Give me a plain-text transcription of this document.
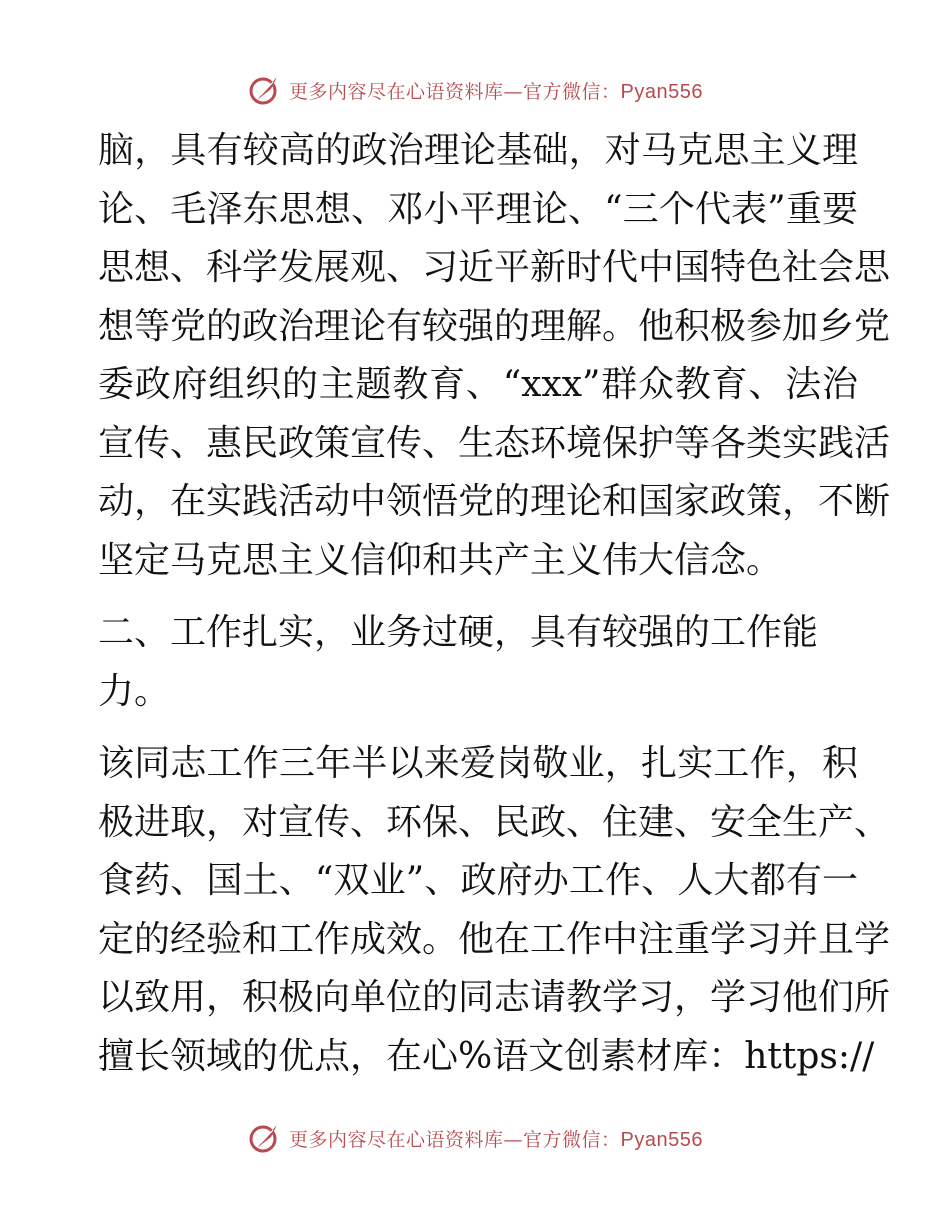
更多内容尽在心语资料库—官方微信：Pyan556
脑，具有较高的政治理论基础，对马克思主义理
论、毛泽东思想、邓小平理论、“三个代表”重要
思想、科学发展观、习近平新时代中国特色社会思
想等党的政治理论有较强的理解。他积极参加乡党
委政府组织的主题教育、“xxx”群众教育、法治
宣传、惠民政策宣传、生态环境保护等各类实践活
动，在实践活动中领悟党的理论和国家政策，不断
坚定马克思主义信仰和共产主义伟大信念。
二、工作扎实，业务过硬，具有较强的工作能
力。
该同志工作三年半以来爱岗敬业，扎实工作，积
极进取，对宣传、环保、民政、住建、安全生产、
食药、国土、“双业”、政府办工作、人大都有一
定的经验和工作成效。他在工作中注重学习并且学
以致用，积极向单位的同志请教学习，学习他们所
擅长领域的优点，在心%语文创素材库：https://
更多内容尽在心语资料库—官方微信：Pyan556
